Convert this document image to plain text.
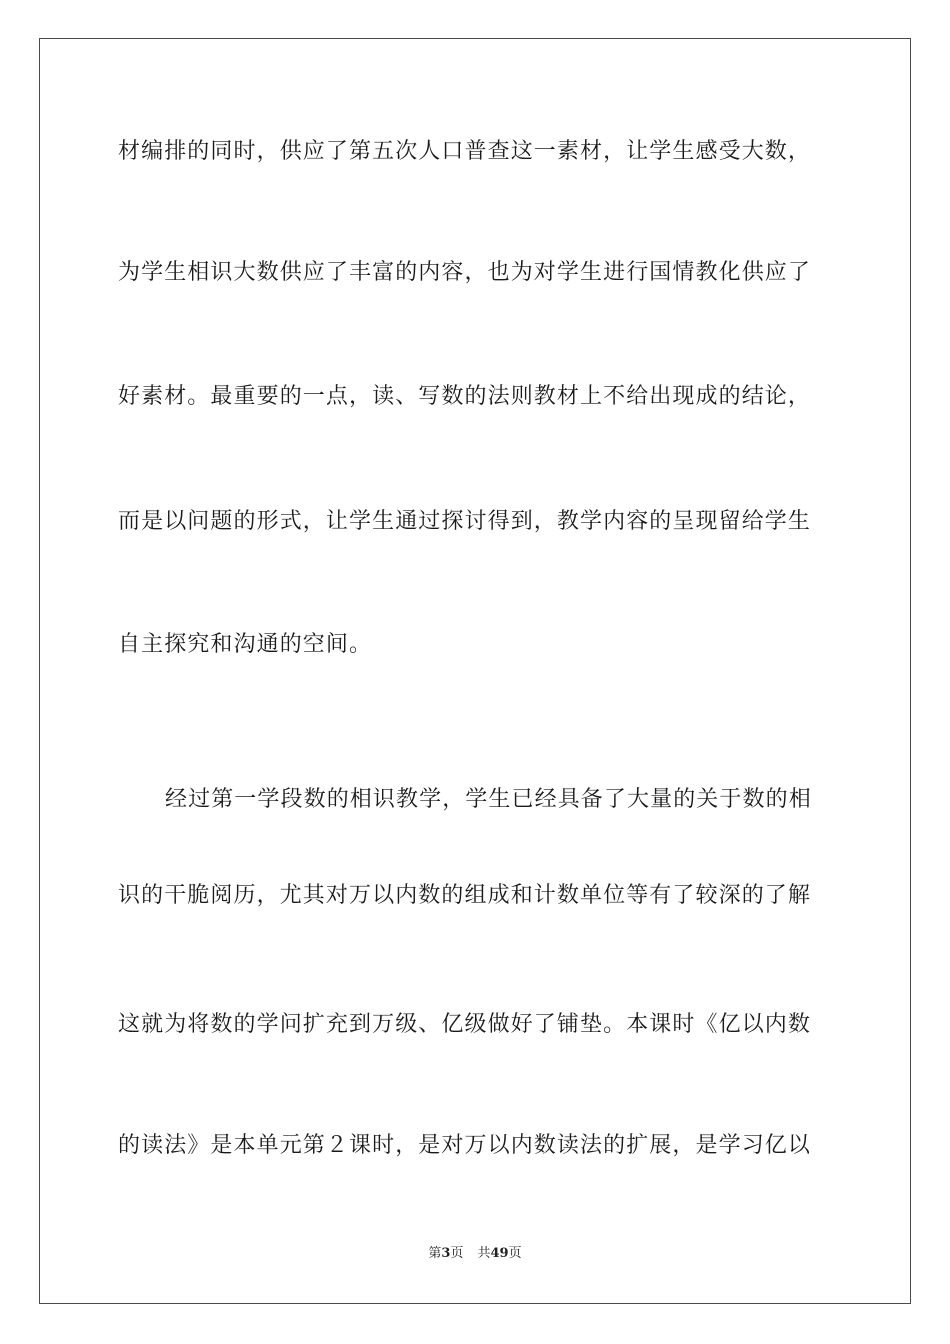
材编排的同时，供应了第五次人口普查这一素材，让学生感受大数，
为学生相识大数供应了丰富的内容，也为对学生进行国情教化供应了
好素材。最重要的一点，读、写数的法则教材上不给出现成的结论，
而是以问题的形式，让学生通过探讨得到，教学内容的呈现留给学生
自主探究和沟通的空间。
经过第一学段数的相识教学，学生已经具备了大量的关于数的相
识的干脆阅历，尤其对万以内数的组成和计数单位等有了较深的了解
这就为将数的学问扩充到万级、亿级做好了铺垫。本课时《亿以内数
的读法》是本单元第２课时，是对万以内数读法的扩展，是学习亿以
第3页 共49页
